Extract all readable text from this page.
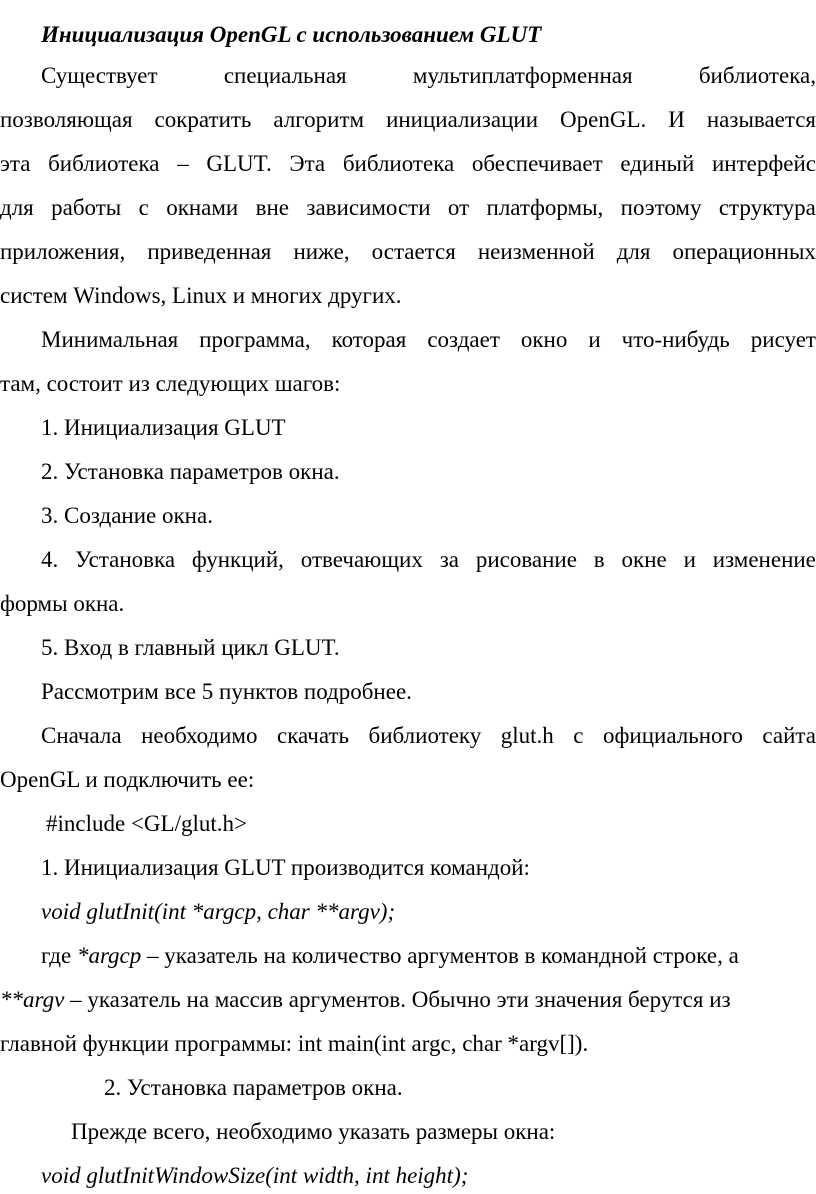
Инициализация OpenGL с использованием GLUT
Существует	специальная	мультиплатформенная	библиотека,
позволяющая сократить алгоритм инициализации OpenGL. И называется
эта библиотека – GLUT. Эта библиотека обеспечивает единый интерфейс
для работы с окнами вне зависимости от платформы, поэтому структура
приложения, приведенная ниже, остается неизменной для операционных
систем Windows, Linux и многих других.
Минимальная программа, которая создает окно и что-нибудь рисует
там, состоит из следующих шагов:
1. Инициализация GLUT
2. Установка параметров окна.
3. Создание окна.
4. Установка функций, отвечающих за рисование в окне и изменение
формы окна.
5. Вход в главный цикл GLUT.
Рассмотрим все 5 пунктов подробнее.
Сначала необходимо скачать библиотеку glut.h с официального сайта
OpenGL и подключить ее:
#include <GL/glut.h>
1. Инициализация GLUT производится командой:
void glutInit(int *argcp, char **argv);
где *argcp – указатель на количество аргументов в командной строке, а
**argv – указатель на массив аргументов. Обычно эти значения берутся из
главной функции программы: int main(int argc, char *argv[]).
2. Установка параметров окна.
Прежде всего, необходимо указать размеры окна:
void glutInitWindowSize(int width, int height);
